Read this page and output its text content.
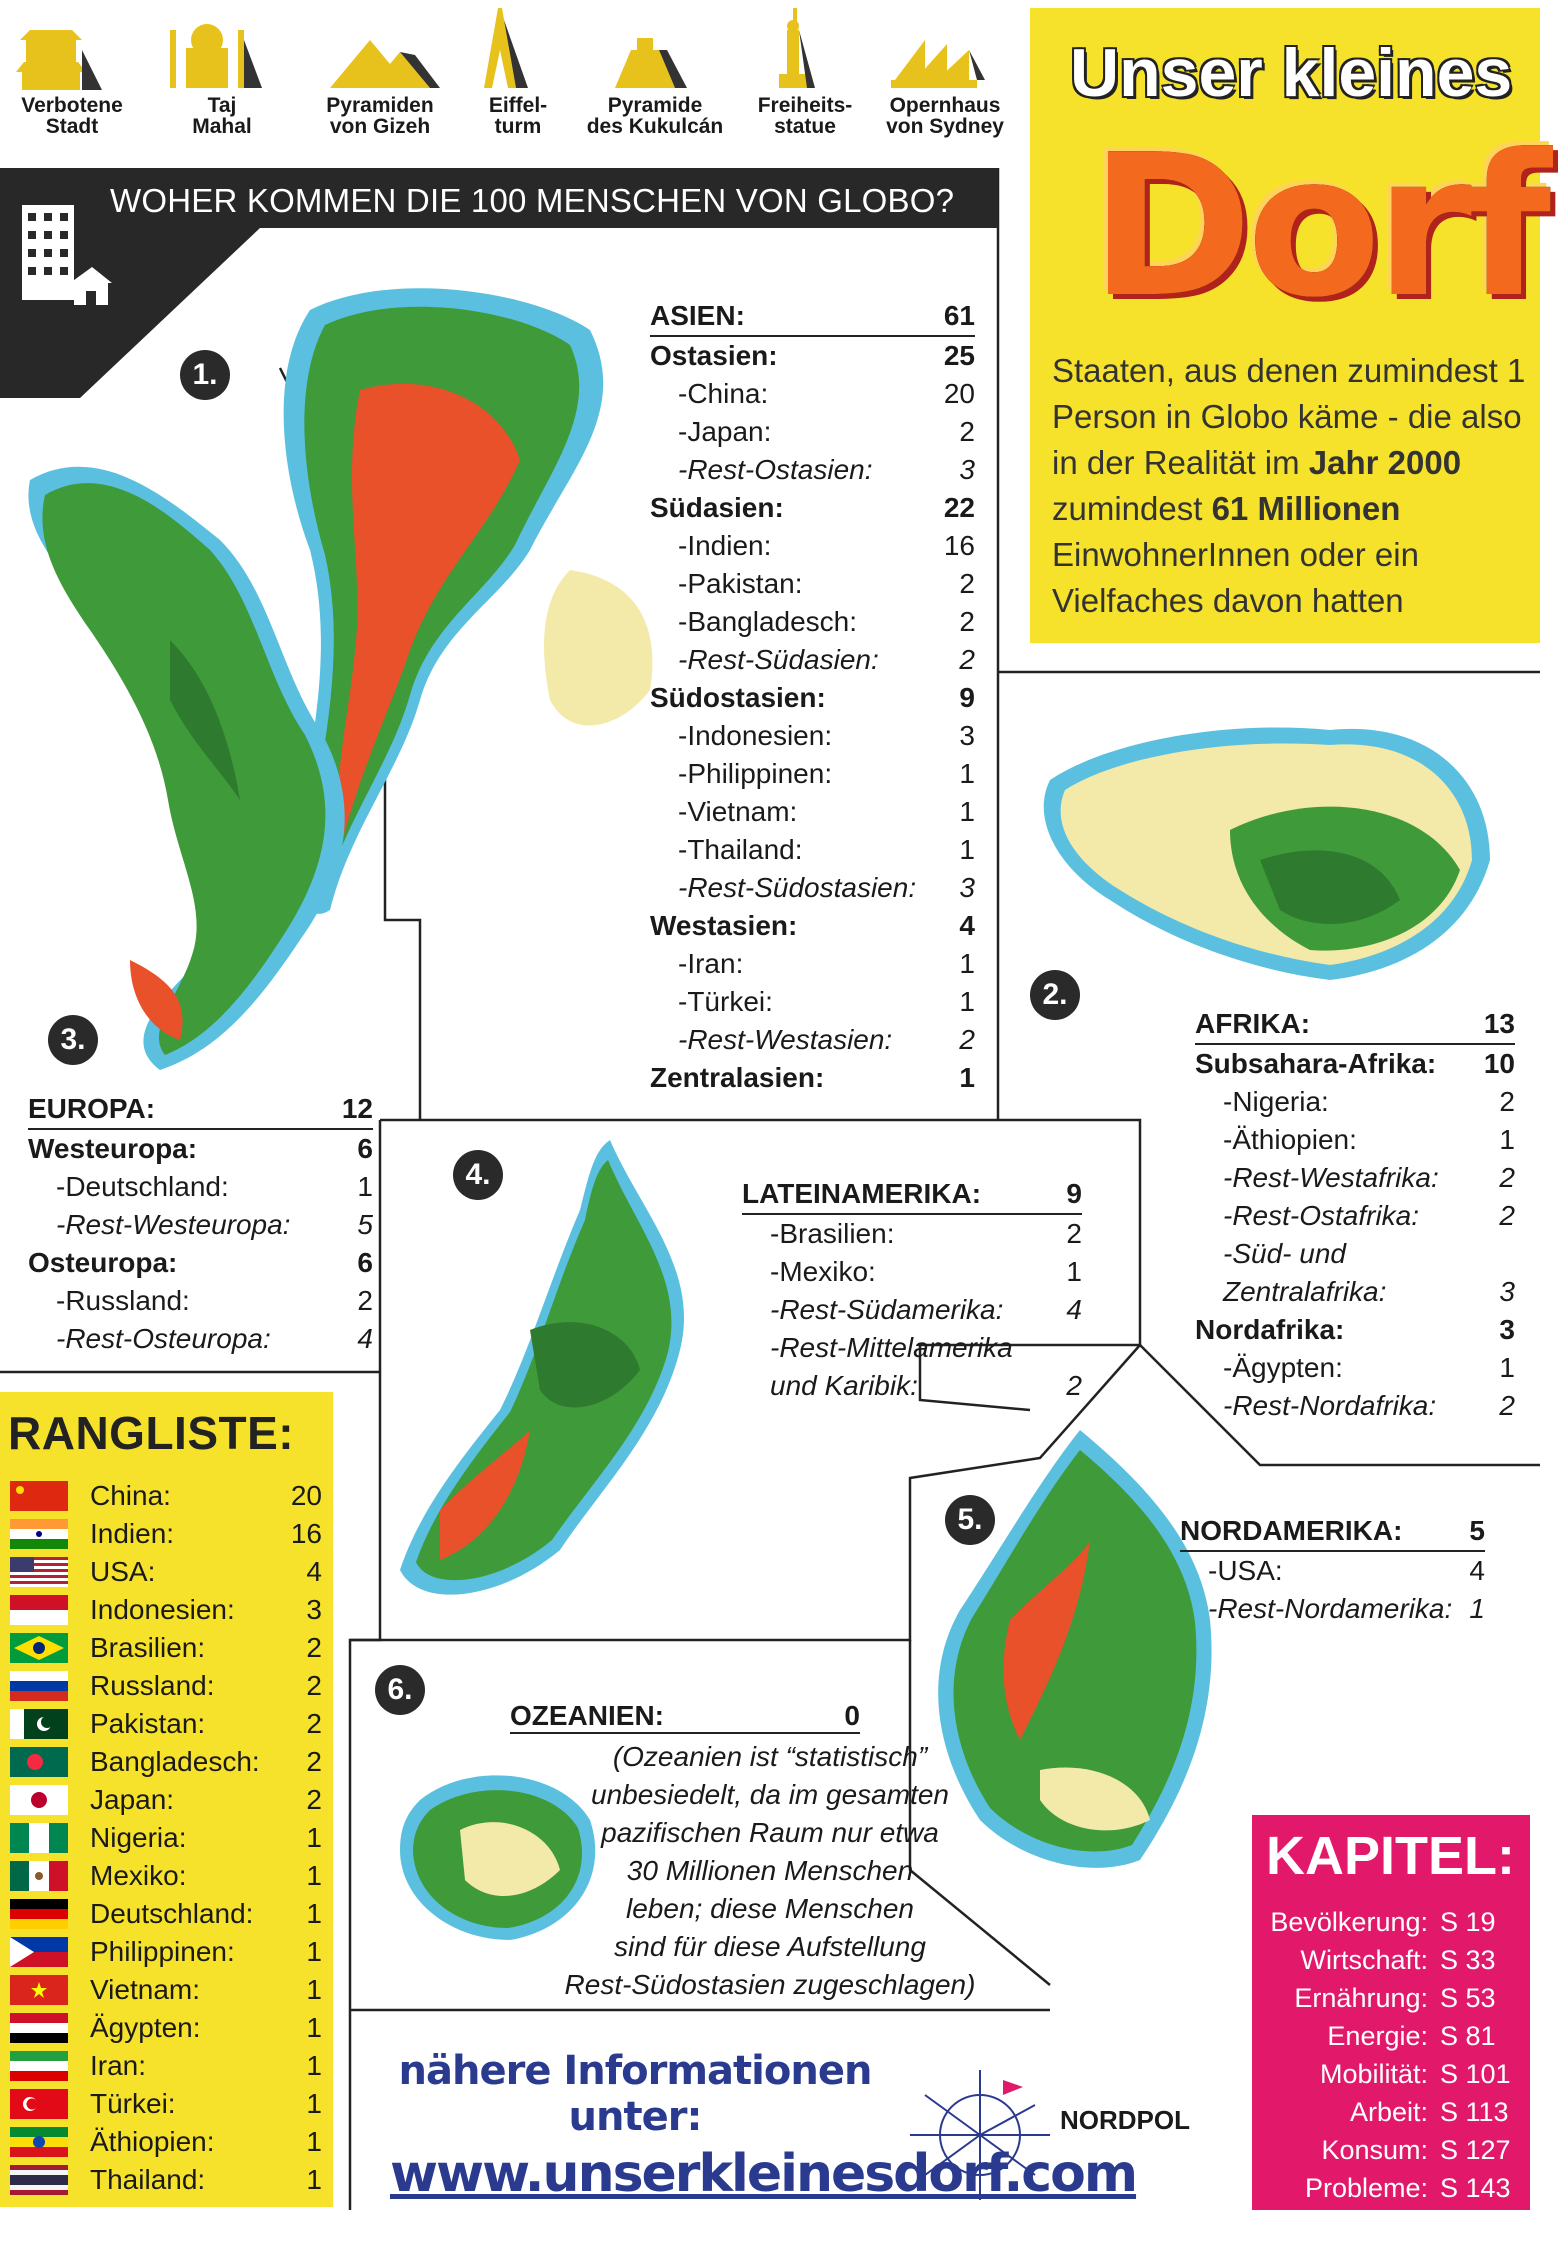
Verbotene
Stadt
Taj
Mahal
Pyramiden
von Gizeh
Eiffel-
turm
Pyramide
des Kukulcán
Freiheits-
statue
Opernhaus
von Sydney
Unser kleines
Dorf
Staaten, aus denen zumindest 1 Person in Globo käme - die also in der Realität im Jahr 2000 zumindest 61 Millionen EinwohnerInnen oder ein Vielfaches davon hatten
WOHER KOMMEN DIE 100 MENSCHEN VON GLOBO?
1.
2.
3.
4.
5.
6.
ASIEN:	61
Ostasien:	25
-China:	20
-Japan:	2
-Rest-Ostasien:	3
Südasien:	22
-Indien:	16
-Pakistan:	2
-Bangladesch:	2
-Rest-Südasien:	2
Südostasien:	9
-Indonesien:	3
-Philippinen:	1
-Vietnam:	1
-Thailand:	1
-Rest-Südostasien:	3
Westasien:	4
-Iran:	1
-Türkei:	1
-Rest-Westasien:	2
Zentralasien:	1
AFRIKA:	13
Subsahara-Afrika: 10
-Nigeria:	2
-Äthiopien:	1
-Rest-Westafrika:	2
-Rest-Ostafrika:	2
-Süd- und
Zentralafrika:	3
Nordafrika:	3
-Ägypten:	1
-Rest-Nordafrika:	2
EUROPA:	12
Westeuropa:	6
-Deutschland:	1
-Rest-Westeuropa:	5
Osteuropa:	6
-Russland:	2
-Rest-Osteuropa:	4
LATEINAMERIKA:	9
-Brasilien:	2
-Mexiko:	1
-Rest-Südamerika:	4
-Rest-Mittelamerika
und Karibik:	2
NORDAMERIKA:	5
-USA:	4
-Rest-Nordamerika: 1
OZEANIEN:	0
(Ozeanien ist “statistisch”
unbesiedelt, da im gesamten
pazifischen Raum nur etwa
30 Millionen Menschen
leben; diese Menschen
sind für diese Aufstellung
Rest-Südostasien zugeschlagen)
RANGLISTE:
China:	20
Indien:	16
USA:	4
Indonesien:	3
Brasilien:	2
Russland:	2
Pakistan:	2
Bangladesch:	2
Japan:	2
Nigeria:	1
Mexiko:	1
Deutschland:	1
Philippinen:	1
Vietnam:	1
Ägypten:	1
Iran:	1
Türkei:	1
Äthiopien:	1
Thailand:	1
KAPITEL:
Bevölkerung: S 19
Wirtschaft: S 33
Ernährung: S 53
Energie: S 81
Mobilität: S 101
Arbeit: S 113
Konsum: S 127
Probleme: S 143
nähere Informationen unter:
www.unserkleinesdorf.com
NORDPOL
